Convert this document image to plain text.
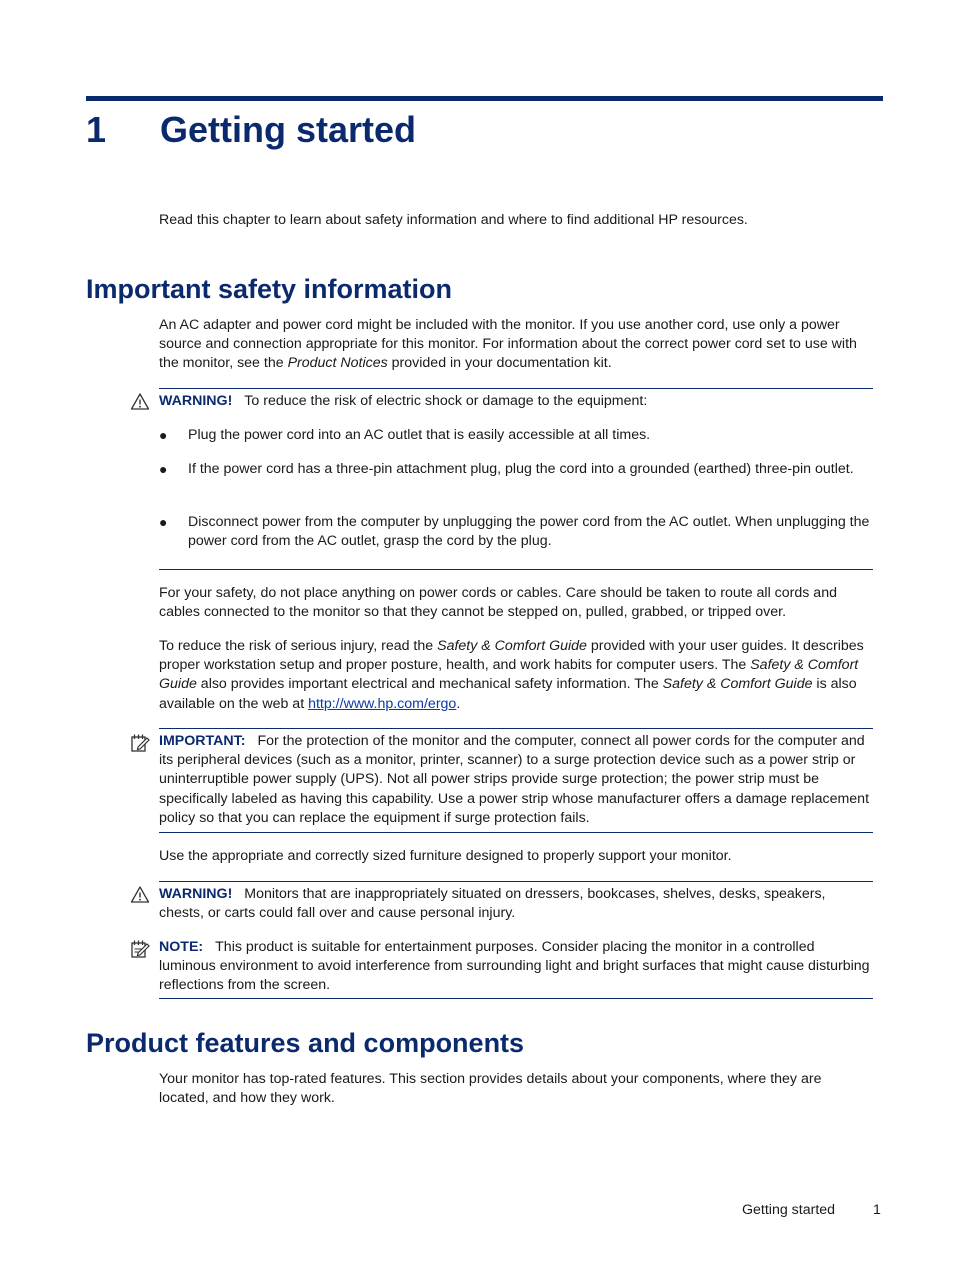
1 Getting started
Read this chapter to learn about safety information and where to find additional HP resources.
Important safety information
An AC adapter and power cord might be included with the monitor. If you use another cord, use only a power source and connection appropriate for this monitor. For information about the correct power cord set to use with the monitor, see the Product Notices provided in your documentation kit.
WARNING! To reduce the risk of electric shock or damage to the equipment:
● Plug the power cord into an AC outlet that is easily accessible at all times.
● If the power cord has a three-pin attachment plug, plug the cord into a grounded (earthed) three-pin outlet.
● Disconnect power from the computer by unplugging the power cord from the AC outlet. When unplugging the power cord from the AC outlet, grasp the cord by the plug.
For your safety, do not place anything on power cords or cables. Care should be taken to route all cords and cables connected to the monitor so that they cannot be stepped on, pulled, grabbed, or tripped over.
To reduce the risk of serious injury, read the Safety & Comfort Guide provided with your user guides. It describes proper workstation setup and proper posture, health, and work habits for computer users. The Safety & Comfort Guide also provides important electrical and mechanical safety information. The Safety & Comfort Guide is also available on the web at http://www.hp.com/ergo.
IMPORTANT: For the protection of the monitor and the computer, connect all power cords for the computer and its peripheral devices (such as a monitor, printer, scanner) to a surge protection device such as a power strip or uninterruptible power supply (UPS). Not all power strips provide surge protection; the power strip must be specifically labeled as having this capability. Use a power strip whose manufacturer offers a damage replacement policy so that you can replace the equipment if surge protection fails.
Use the appropriate and correctly sized furniture designed to properly support your monitor.
WARNING! Monitors that are inappropriately situated on dressers, bookcases, shelves, desks, speakers, chests, or carts could fall over and cause personal injury.
NOTE: This product is suitable for entertainment purposes. Consider placing the monitor in a controlled luminous environment to avoid interference from surrounding light and bright surfaces that might cause disturbing reflections from the screen.
Product features and components
Your monitor has top-rated features. This section provides details about your components, where they are located, and how they work.
Getting started	1
